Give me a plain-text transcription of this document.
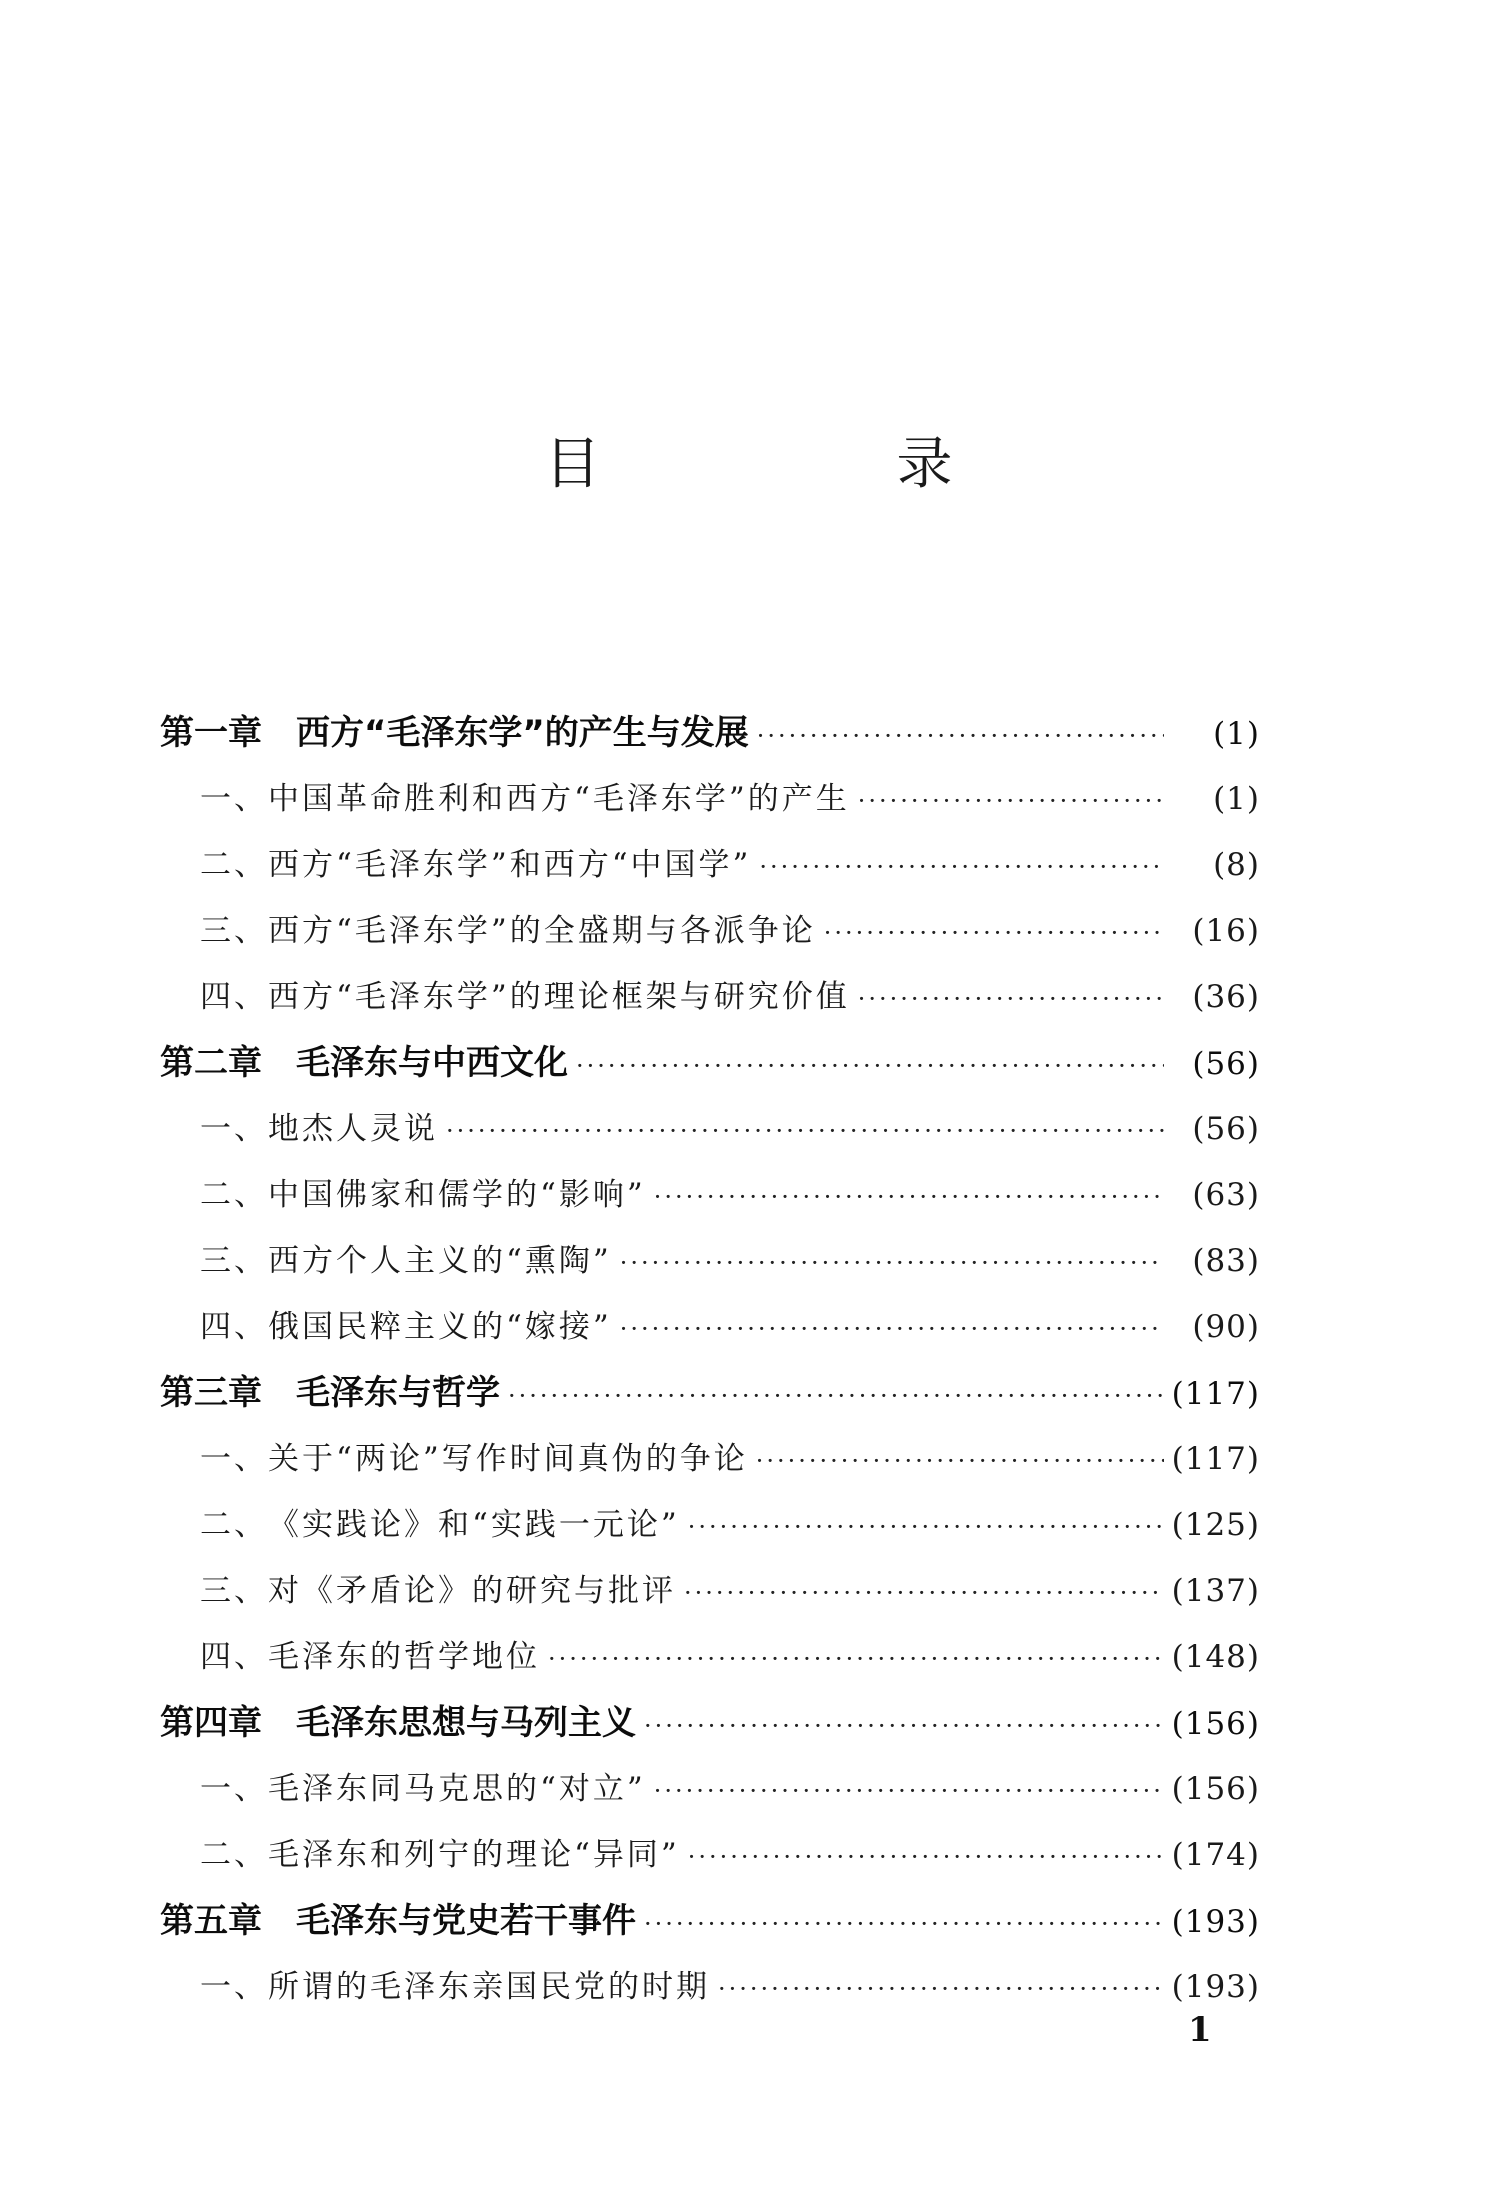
目　录
第一章 西方“毛泽东学”的产生与发展 ·····	(1)
一、 中国革命胜利和西方“毛泽东学”的产生 ·····	(1)
二、 西方“毛泽东学”和西方“中国学” ·····	(8)
三、 西方“毛泽东学”的全盛期与各派争论 ·····	(16)
四、 西方“毛泽东学”的理论框架与研究价值 ·····	(36)
第二章 毛泽东与中西文化 ·····	(56)
一、 地杰人灵说 ·····	(56)
二、 中国佛家和儒学的“影响” ·····	(63)
三、 西方个人主义的“熏陶” ·····	(83)
四、 俄国民粹主义的“嫁接” ·····	(90)
第三章 毛泽东与哲学 ·····	(117)
一、 关于“两论”写作时间真伪的争论 ·····	(117)
二、 《实践论》和“实践一元论” ·····	(125)
三、 对《矛盾论》的研究与批评 ·····	(137)
四、 毛泽东的哲学地位 ·····	(148)
第四章 毛泽东思想与马列主义 ·····	(156)
一、 毛泽东同马克思的“对立” ·····	(156)
二、 毛泽东和列宁的理论“异同” ·····	(174)
第五章 毛泽东与党史若干事件 ·····	(193)
一、 所谓的毛泽东亲国民党的时期 ·····	(193)
1
